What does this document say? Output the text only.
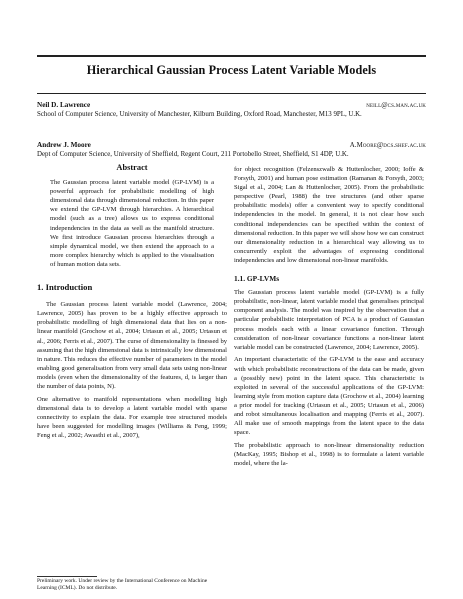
Hierarchical Gaussian Process Latent Variable Models
Neil D. Lawrence	neill@cs.man.ac.uk
School of Computer Science, University of Manchester, Kilburn Building, Oxford Road, Manchester, M13 9PL, U.K.
Andrew J. Moore	A.Moore@dcs.shef.ac.uk
Dept of Computer Science, University of Sheffield, Regent Court, 211 Portobello Street, Sheffield, S1 4DP, U.K.
Abstract

The Gaussian process latent variable model (GP-LVM) is a powerful approach for probabilistic modelling of high dimensional data through dimensional reduction. In this paper we extend the GP-LVM through hierarchies. A hierarchical model (such as a tree) allows us to express conditional independencies in the data as well as the manifold structure. We first introduce Gaussian process hierarchies through a simple dynamical model, we then extend the approach to a more complex hierarchy which is applied to the visualisation of human motion data sets.

1. Introduction

The Gaussian process latent variable model (Lawrence, 2004; Lawrence, 2005) has proven to be a highly effective approach to probabilistic modelling of high dimensional data that lies on a non-linear manifold (Grochow et al., 2004; Urtasun et al., 2005; Urtasun et al., 2006; Ferris et al., 2007). The curse of dimensionality is finessed by assuming that the high dimensional data is intrinsically low dimensional in nature. This reduces the effective number of parameters in the model enabling good generalisation from very small data sets using non-linear models (even when the dimensionality of the features, d, is larger than the number of data points, N).

One alternative to manifold representations when modelling high dimensional data is to develop a latent variable model with sparse connectivity to explain the data. For example tree structured models have been suggested for modelling images (Williams & Feng, 1999; Feng et al., 2002; Awasthi et al., 2007),

for object recognition (Felzenszwalb & Huttenlocher, 2000; Ioffe & Forsyth, 2001) and human pose estimation (Ramanan & Forsyth, 2003; Sigal et al., 2004; Lan & Huttenlocher, 2005). From the probabilistic perspective (Pearl, 1988) the tree structures (and other sparse probabilistic models) offer a convenient way to specify conditional independencies in the model. In general, it is not clear how such conditional independencies can be specified within the context of dimensional reduction. In this paper we will show how we can construct our dimensionality reduction in a hierarchical way allowing us to concurrently exploit the advantages of expressing conditional independencies and low dimensional non-linear manifolds.

1.1. GP-LVMs

The Gaussian process latent variable model (GP-LVM) is a fully probabilistic, non-linear, latent variable model that generalises principal component analysis. The model was inspired by the observation that a particular probabilistic interpretation of PCA is a product of Gaussian process models each with a linear covariance function. Through consideration of non-linear covariance functions a non-linear latent variable model can be constructed (Lawrence, 2004; Lawrence, 2005).

An important characteristic of the GP-LVM is the ease and accuracy with which probabilistic reconstructions of the data can be made, given a (possibly new) point in the latent space. This characteristic is exploited in several of the successful applications of the GP-LVM: learning style from motion capture data (Grochow et al., 2004) learning a prior model for tracking (Urtasun et al., 2005; Urtasun et al., 2006) and robot simultaneous localisation and mapping (Ferris et al., 2007). All make use of smooth mappings from the latent space to the data space.

The probabilistic approach to non-linear dimensionality reduction (MacKay, 1995; Bishop et al., 1998) is to formulate a latent variable model, where the la-

Preliminary work. Under review by the International Conference on Machine Learning (ICML). Do not distribute.
